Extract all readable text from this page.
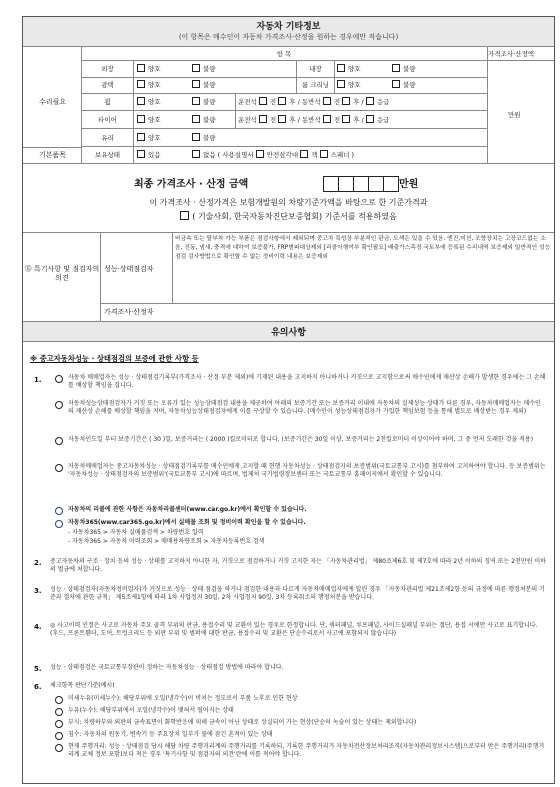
자동차 기타정보
(이 항목은 매수인이 자동차 가격조사·산정을 원하는 경우에만 적습니다)
항 목	가격조사·산정액
수리필요
기본품목
만원
외장	양호	불량	내장	양호	불량
광택	양호	불량	룸 크리닝	양호	불량
휠	양호	불량	운전석 전 후 / 동반석 전 후 / 응급
타이어	양호	불량	운전석 전 후 / 동반석 전 후 / 응급
유리	양호	불량
보유상태	있음	없음 ( 사용설명서 안전삼각대 잭 스패너 )
최종 가격조사 · 산정 금액	만원
이 가격조사 · 산정가격은 보험개발원의 차량기준가액을 바탕으로 한 기준가격과
( 기술사회, 한국자동차진단보증협회) 기준서를 적용하였음
⑮ 특기사항 및 점검자의 의견
성능·상태점검자
비금속 또는 탈부착 가능 부품은 점검사항에서 제외되며 중고차 특성상 부분적인 판금, 도색은 있을 수 있음. 엔진,미션, 조향장치는 고장코드없는 소음, 진동, 냄새, 충격에 대하여 보증불가, FRP범퍼대상제외 [리콜이행여부 확인필요] 배출가스측정 국토부에 등록된 수리내역 보증제외 일반적인 성능점검 검사방법으로 확인할 수 없는 정비이력 내용은 보증제외
가격조사·산정자
유의사항
※ 중고자동차성능 · 상태점검의 보증에 관한 사항 등
1.	자동차 매매업자는 성능 · 상태점검기록부(가격조사 · 산정 부분 제외)에 기재된 내용을 고지하지 아니하거나 거짓으로 고지함으로써 매수인에게 재산상 손해가 발생한 경우에는 그 손해를 배상할 책임을 집니다.
자동차성능상태점검자가 거짓 또는 오류가 있는 성능상태점검 내용을 제공하여 아래의 보증기간 또는 보증거리 이내에 자동차의 실제성능·상태가 다른 경우, 자동차매매업자는 매수인의 재산상 손해를 배상할 책임을 지며, 자동차성능상태점검자에게 이를 구상할 수 있습니다. (매수인이 성능상태점검자가 가입한 책임보험 등을 통해 별도로 배상받는 경우 제외)
자동차인도일 부터 보증기간은 ( 30 )일, 보증거리는 ( 2000 )킬로미터로 합니다. (보증기간은 30일 이상, 보증거리는 2천킬로미터 이상이어야 하며, 그 중 먼저 도래한 것을 적용)
자동차매매업자는 중고자동차성능 · 상태점검기록부를 매수인에게 고지할 때 현행 자동차성능 · 상태점검자의 보증범위(국토교통부 고시)를 첨부하여 고지하여야 합니다. 등 보증범위는 '자동차성능 · 상태점검자의 보증범위'(국토교통부 고시)에 따르며, 법제처 국가법령정보센터 또는 국토교통부 홈페이지에서 확인할 수 있습니다.
자동차의 리콜에 관한 사항은 자동차리콜센터(www.car.go.kr)에서 확인할 수 있습니다.
자동차365(www.car365.go.kr)에서 실매물 조회 및 정비이력 확인을 할 수 있습니다.
- 자동차365 > 자동차 실매물검색 > 차량번호 입력
- 자동차365 > 자동차 이력조회 > 매매용차량조회 > 자동차등록번호 검색
2. 중고자동차의 구조 · 장치 등의 성능 · 상태를 고지하지 아니한 자, 거짓으로 점검하거나 거짓 고지한 자는 「자동차관리법」 제80조제6호 및 제7호에 따라 2년 이하의 징역 또는 2천만원 이하의 벌금에 처합니다.
3. 성능 · 상태점검자(자동차정비업자)가 거짓으로 성능 · 상태 점검을 하거나 점검한 내용과 다르게 자동차매매업자에게 알린 경우 「자동차관리법 제21조제2항 등의 규정에 따른 행정처분의 기준과 절차에 관한 규칙」 제5조제1항에 따라 1차 사업정지 30일, 2차 사업정지 90일, 3차 등록취소의 행정처분을 받습니다.
4. ◎ 사고이력 인정은 사고로 자동차 주요 골격 부위의 판금, 용접수리 및 교환이 있는 경우로 한정합니다. 단, 쿼터패널, 루프패널, 사이드실패널 부위는 절단, 용접 시에만 사고로 표기합니다. (후드, 프론트휀더, 도어, 트렁크리드 등 외판 부위 및 범퍼에 대한 판금, 용접수리 및 교환은 단순수리로서 사고에 포함되지 않습니다)
5. 성능 · 상태점검은 국토교통부장관이 정하는 자동차성능 · 상태점검 방법에 따라야 합니다.
6. 체크항목 판단기준(예시)
미세누유(미세누수): 해당부위에 오일(냉각수)이 비치는 정도로서 부품 노후로 인한 현상
누유(누수): 해당부위에서 오일(냉각수)이 맺혀서 떨어지는 상태
부식: 차량하부와 외판의 금속표면이 화학반응에 의해 금속이 아닌 상태로 상실되어 가는 현상(단순히 녹슬어 있는 상태는 제외합니다)
침수: 자동차의 원동기, 변속기 등 주요장치 일부가 물에 잠긴 흔적이 있는 상태
현재 주행거리: 성능 · 상태점검 당시 해당 차량 주행거리계의 주행거리를 기록하되, 기록한 주행거리가 자동차전산정보처리조직(자동차관리정보시스템)으로부터 받은 주행거리(주행거리계 교체 정보 포함)보다 적은 경우 '특기사항 및 점검자의 의견'란에 이를 적어야 합니다.
